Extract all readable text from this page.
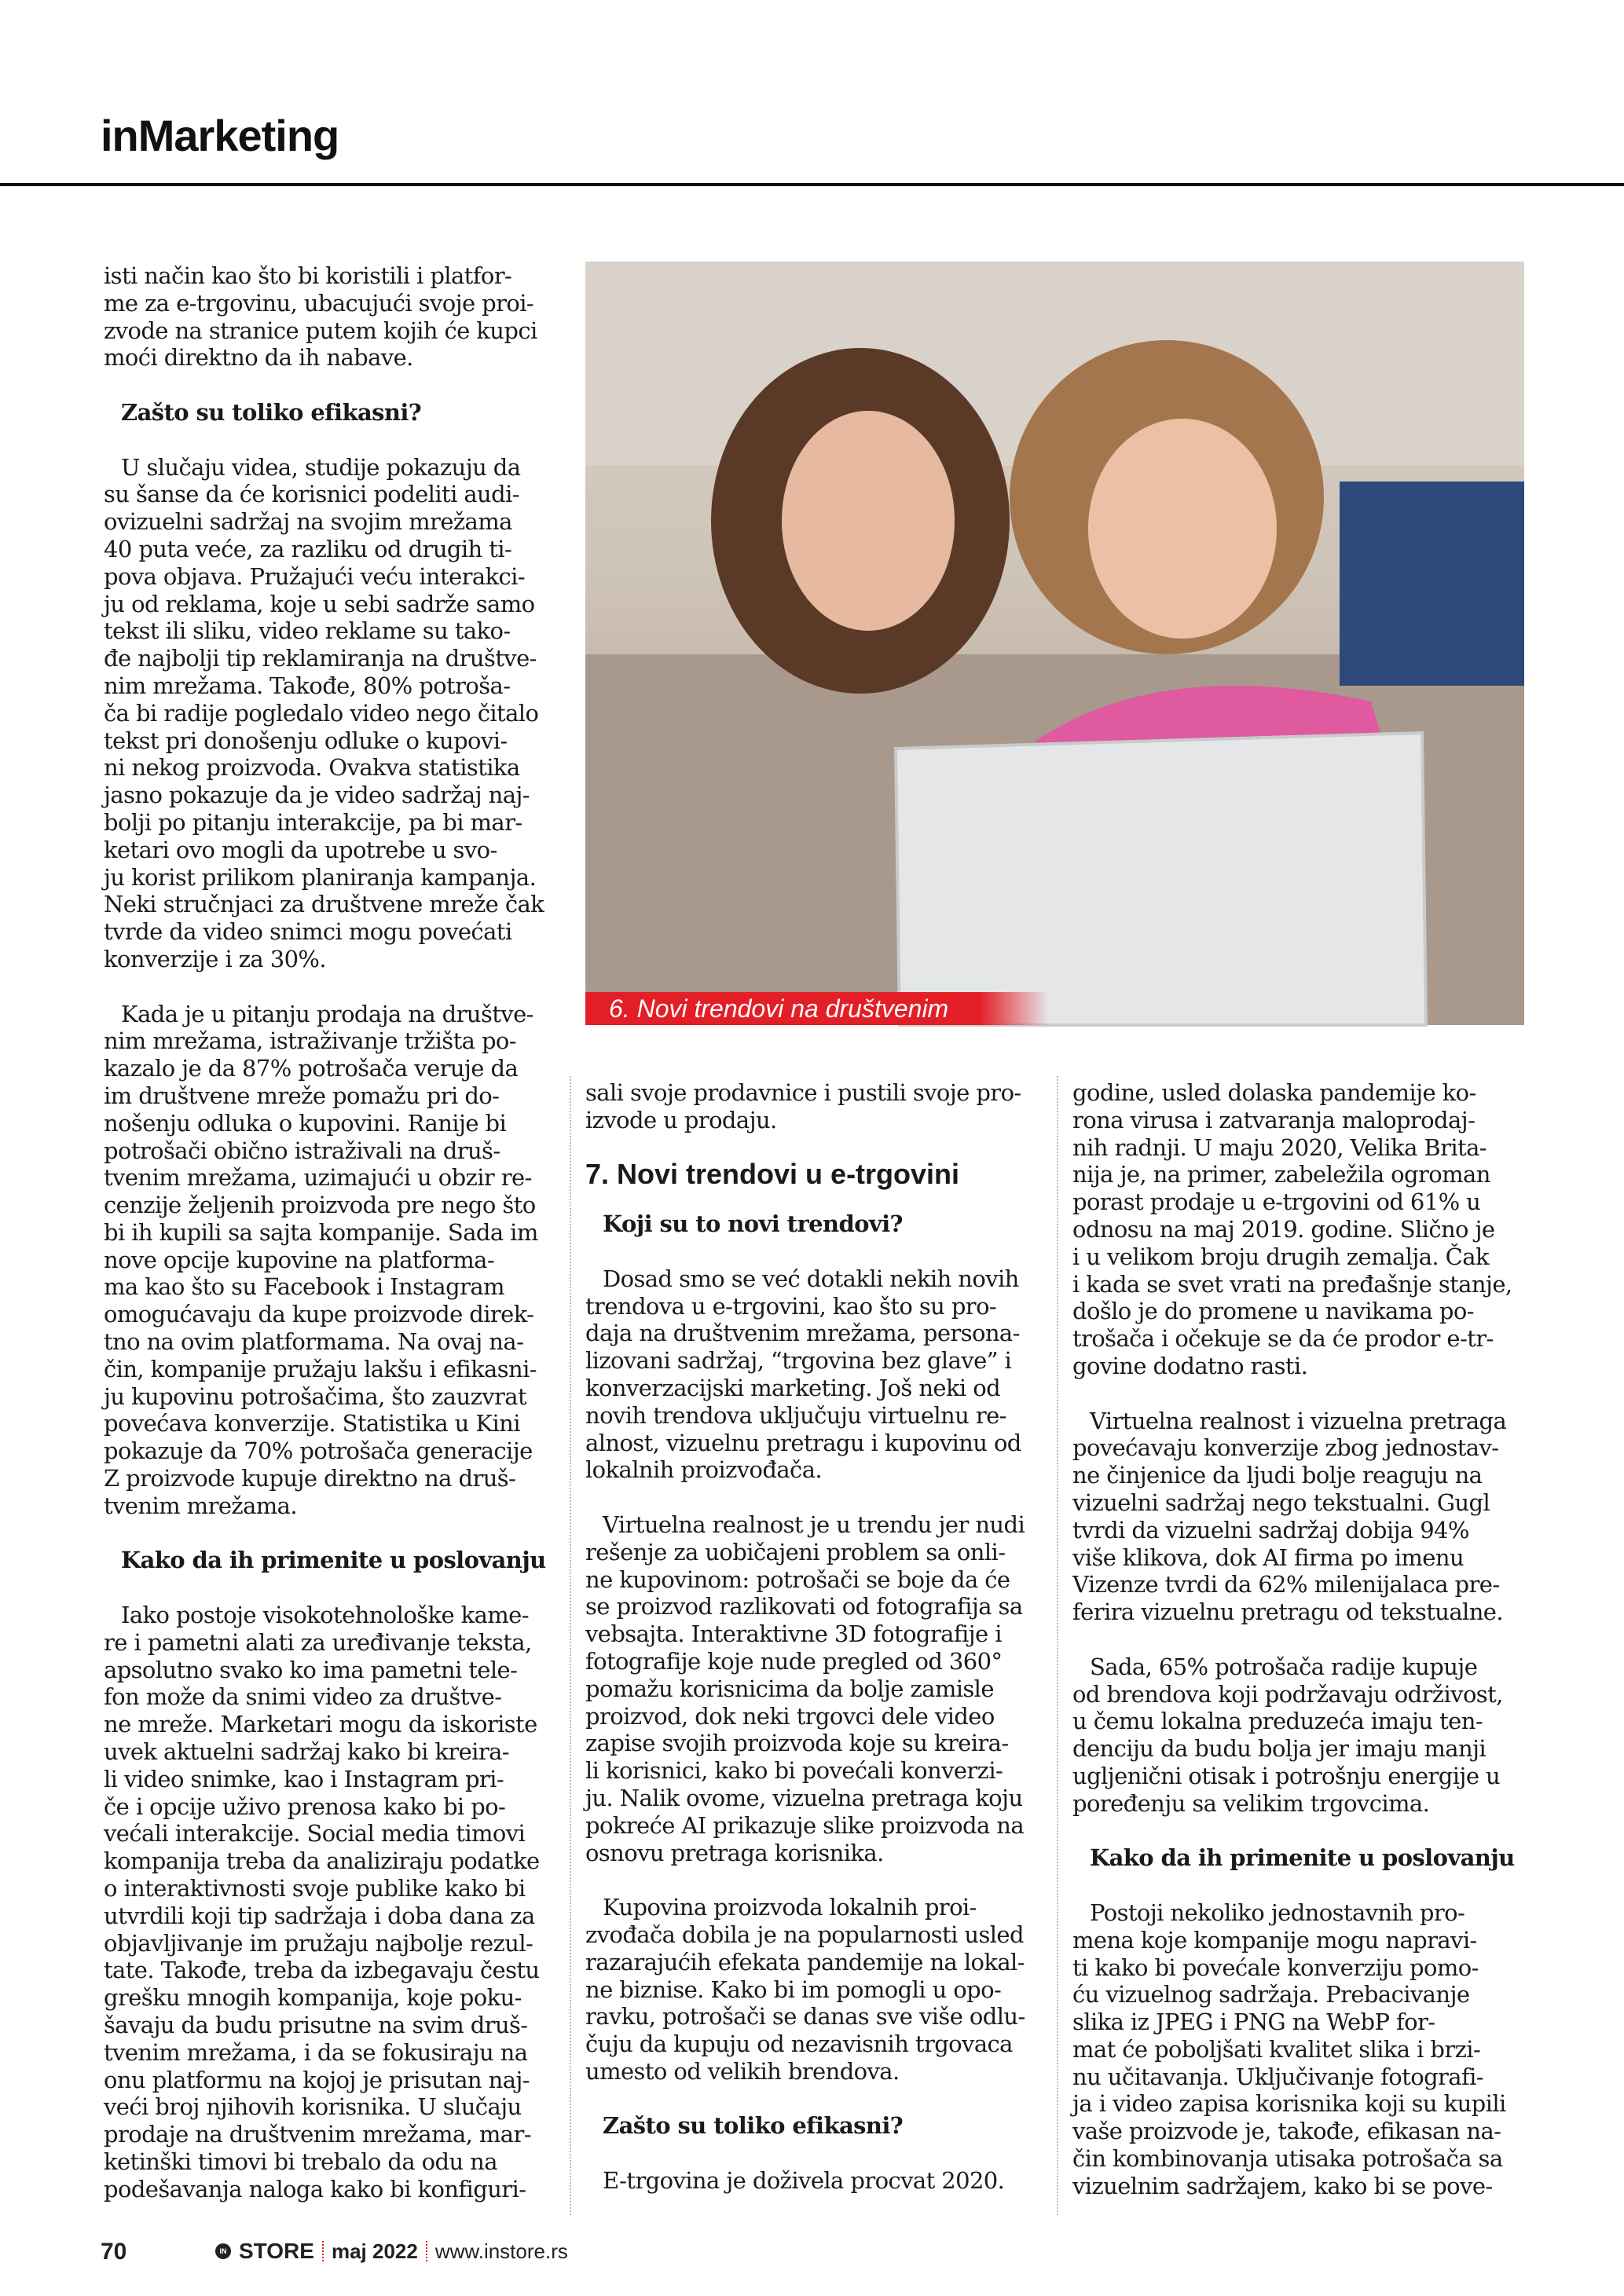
inMarketing

isti način kao što bi koristili i platfor-
me za e-trgovinu, ubacujući svoje proi-
zvode na stranice putem kojih će kupci
moći direktno da ih nabave.

Zašto su toliko efikasni?

U slučaju videa, studije pokazuju da
su šanse da će korisnici podeliti audi-
ovizuelni sadržaj na svojim mrežama
40 puta veće, za razliku od drugih ti-
pova objava. Pružajući veću interakci-
ju od reklama, koje u sebi sadrže samo
tekst ili sliku, video reklame su tako-
đe najbolji tip reklamiranja na društve-
nim mrežama. Takođe, 80% potroša-
ča bi radije pogledalo video nego čitalo
tekst pri donošenju odluke o kupovi-
ni nekog proizvoda. Ovakva statistika
jasno pokazuje da je video sadržaj naj-
bolji po pitanju interakcije, pa bi mar-
ketari ovo mogli da upotrebe u svo-
ju korist prilikom planiranja kampanja.
Neki stručnjaci za društvene mreže čak
tvrde da video snimci mogu povećati
konverzije i za 30%.

Kada je u pitanju prodaja na društve-
nim mrežama, istraživanje tržišta po-
kazalo je da 87% potrošača veruje da
im društvene mreže pomažu pri do-
nošenju odluka o kupovini. Ranije bi
potrošači obično istraživali na druš-
tvenim mrežama, uzimajući u obzir re-
cenzije željenih proizvoda pre nego što
bi ih kupili sa sajta kompanije. Sada im
nove opcije kupovine na platforma-
ma kao što su Facebook i Instagram
omogućavaju da kupe proizvode direk-
tno na ovim platformama. Na ovaj na-
čin, kompanije pružaju lakšu i efikasni-
ju kupovinu potrošačima, što zauzvrat
povećava konverzije. Statistika u Kini
pokazuje da 70% potrošača generacije
Z proizvode kupuje direktno na druš-
tvenim mrežama.

Kako da ih primenite u poslovanju

Iako postoje visokotehnološke kame-
re i pametni alati za uređivanje teksta,
apsolutno svako ko ima pametni tele-
fon može da snimi video za društve-
ne mreže. Marketari mogu da iskoriste
uvek aktuelni sadržaj kako bi kreira-
li video snimke, kao i Instagram pri-
če i opcije uživo prenosa kako bi po-
većali interakcije. Social media timovi
kompanija treba da analiziraju podatke
o interaktivnosti svoje publike kako bi
utvrdili koji tip sadržaja i doba dana za
objavljivanje im pružaju najbolje rezul-
tate. Takođe, treba da izbegavaju čestu
grešku mnogih kompanija, koje poku-
šavaju da budu prisutne na svim druš-
tvenim mrežama, i da se fokusiraju na
onu platformu na kojoj je prisutan naj-
veći broj njihovih korisnika. U slučaju
prodaje na društvenim mrežama, mar-
ketinški timovi bi trebalo da odu na
podešavanja naloga kako bi konfiguri-

6. Novi trendovi na društvenim mrežama

sali svoje prodavnice i pustili svoje pro-
izvode u prodaju.

7. Novi trendovi u e-trgovini
Koji su to novi trendovi?

Dosad smo se već dotakli nekih novih
trendova u e-trgovini, kao što su pro-
daja na društvenim mrežama, persona-
lizovani sadržaj, “trgovina bez glave” i
konverzacijski marketing. Još neki od
novih trendova uključuju virtuelnu re-
alnost, vizuelnu pretragu i kupovinu od
lokalnih proizvođača.

Virtuelna realnost je u trendu jer nudi
rešenje za uobičajeni problem sa onli-
ne kupovinom: potrošači se boje da će
se proizvod razlikovati od fotografija sa
vebsajta. Interaktivne 3D fotografije i
fotografije koje nude pregled od 360°
pomažu korisnicima da bolje zamisle
proizvod, dok neki trgovci dele video
zapise svojih proizvoda koje su kreira-
li korisnici, kako bi povećali konverzi-
ju. Nalik ovome, vizuelna pretraga koju
pokreće AI prikazuje slike proizvoda na
osnovu pretraga korisnika.

Kupovina proizvoda lokalnih proi-
zvođača dobila je na popularnosti usled
razarajućih efekata pandemije na lokal-
ne biznise. Kako bi im pomogli u opo-
ravku, potrošači se danas sve više odlu-
čuju da kupuju od nezavisnih trgovaca
umesto od velikih brendova.

Zašto su toliko efikasni?

E-trgovina je doživela procvat 2020.

godine, usled dolaska pandemije ko-
rona virusa i zatvaranja maloprodaj-
nih radnji. U maju 2020, Velika Brita-
nija je, na primer, zabeležila ogroman
porast prodaje u e-trgovini od 61% u
odnosu na maj 2019. godine. Slično je
i u velikom broju drugih zemalja. Čak
i kada se svet vrati na pređašnje stanje,
došlo je do promene u navikama po-
trošača i očekuje se da će prodor e-tr-
govine dodatno rasti.

Virtuelna realnost i vizuelna pretraga
povećavaju konverzije zbog jednostav-
ne činjenice da ljudi bolje reaguju na
vizuelni sadržaj nego tekstualni. Gugl
tvrdi da vizuelni sadržaj dobija 94%
više klikova, dok AI firma po imenu
Vizenze tvrdi da 62% milenijalaca pre-
ferira vizuelnu pretragu od tekstualne.

Sada, 65% potrošača radije kupuje
od brendova koji podržavaju održivost,
u čemu lokalna preduzeća imaju ten-
denciju da budu bolja jer imaju manji
ugljenični otisak i potrošnju energije u
poređenju sa velikim trgovcima.

Kako da ih primenite u poslovanju

Postoji nekoliko jednostavnih pro-
mena koje kompanije mogu napravi-
ti kako bi povećale konverziju pomo-
ću vizuelnog sadržaja. Prebacivanje
slika iz JPEG i PNG na WebP for-
mat će poboljšati kvalitet slika i brzi-
nu učitavanja. Uključivanje fotografi-
ja i video zapisa korisnika koji su kupili
vaše proizvode je, takođe, efikasan na-
čin kombinovanja utisaka potrošača sa
vizuelnim sadržajem, kako bi se pove-

70	IN STORE maj 2022 www.instore.rs
